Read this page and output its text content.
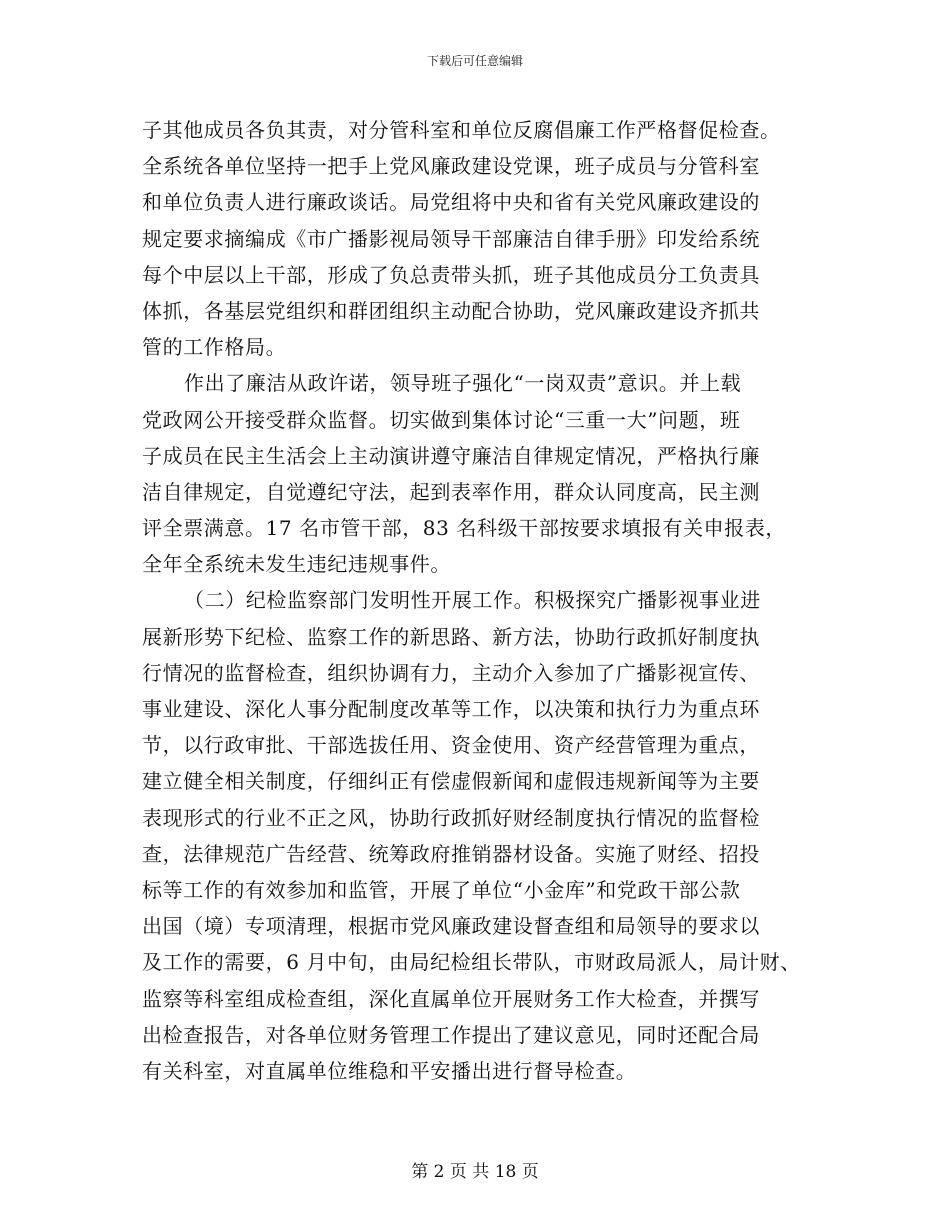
下载后可任意编辑
子其他成员各负其责，对分管科室和单位反腐倡廉工作严格督促检查。
全系统各单位坚持一把手上党风廉政建设党课，班子成员与分管科室
和单位负责人进行廉政谈话。局党组将中央和省有关党风廉政建设的
规定要求摘编成《市广播影视局领导干部廉洁自律手册》印发给系统
每个中层以上干部，形成了负总责带头抓，班子其他成员分工负责具
体抓，各基层党组织和群团组织主动配合协助，党风廉政建设齐抓共
管的工作格局。
作出了廉洁从政许诺，领导班子强化“一岗双责”意识。并上载
党政网公开接受群众监督。切实做到集体讨论“三重一大”问题，班
子成员在民主生活会上主动演讲遵守廉洁自律规定情况，严格执行廉
洁自律规定，自觉遵纪守法，起到表率作用，群众认同度高，民主测
评全票满意。17 名市管干部，83 名科级干部按要求填报有关申报表，
全年全系统未发生违纪违规事件。
（二）纪检监察部门发明性开展工作。积极探究广播影视事业进
展新形势下纪检、监察工作的新思路、新方法，协助行政抓好制度执
行情况的监督检查，组织协调有力，主动介入参加了广播影视宣传、
事业建设、深化人事分配制度改革等工作，以决策和执行力为重点环
节，以行政审批、干部选拔任用、资金使用、资产经营管理为重点，
建立健全相关制度，仔细纠正有偿虚假新闻和虚假违规新闻等为主要
表现形式的行业不正之风，协助行政抓好财经制度执行情况的监督检
查，法律规范广告经营、统筹政府推销器材设备。实施了财经、招投
标等工作的有效参加和监管，开展了单位“小金库”和党政干部公款
出国（境）专项清理，根据市党风廉政建设督查组和局领导的要求以
及工作的需要，6 月中旬，由局纪检组长带队，市财政局派人，局计财、
监察等科室组成检查组，深化直属单位开展财务工作大检查，并撰写
出检查报告，对各单位财务管理工作提出了建议意见，同时还配合局
有关科室，对直属单位维稳和平安播出进行督导检查。
第 2 页 共 18 页
